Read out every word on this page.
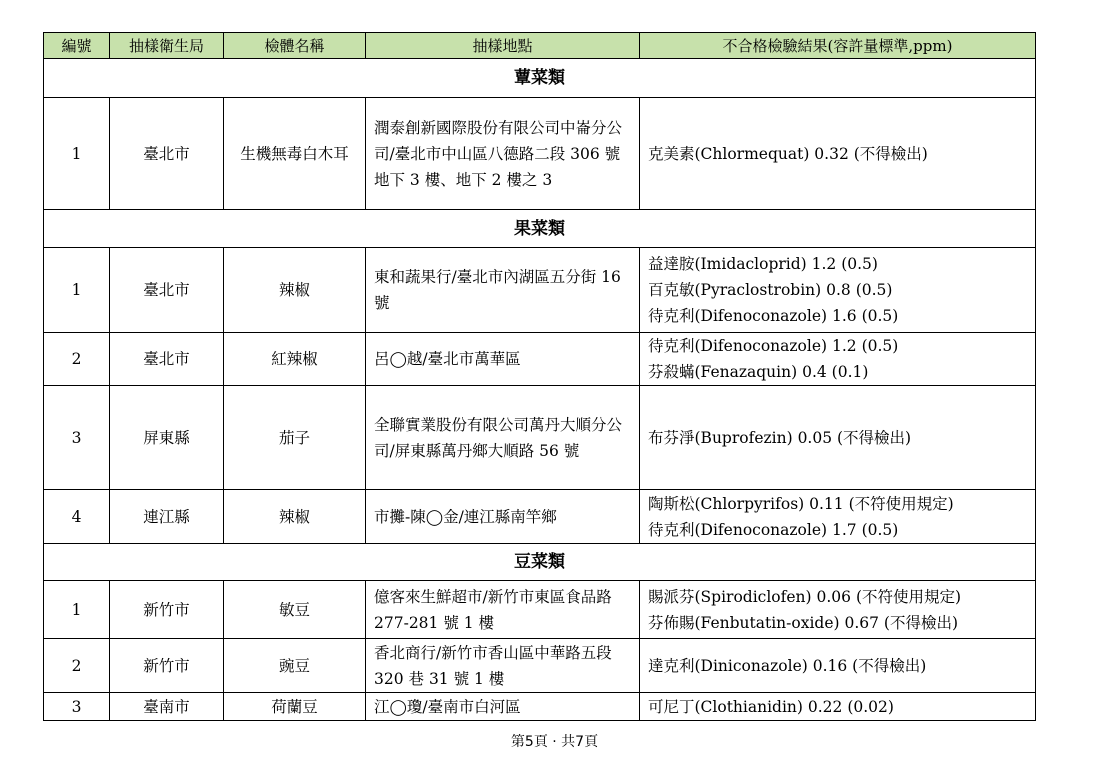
編號	抽樣衛生局	檢體名稱	抽樣地點	不合格檢驗結果(容許量標準,ppm)
蕈菜類				
1	臺北市	生機無毒白木耳	潤泰創新國際股份有限公司中崙分公司/臺北市中山區八德路二段 306 號地下 3 樓、地下 2 樓之 3	克美素(Chlormequat) 0.32 (不得檢出)

果菜類				
1	臺北市	辣椒	東和蔬果行/臺北市內湖區五分街 16 號	益達胺(Imidacloprid) 1.2 (0.5)
百克敏(Pyraclostrobin) 0.8 (0.5)
待克利(Difenoconazole) 1.6 (0.5)

2	臺北市	紅辣椒	呂◯越/臺北市萬華區	待克利(Difenoconazole) 1.2 (0.5)
芬殺蟎(Fenazaquin) 0.4 (0.1)

3	屏東縣	茄子	全聯實業股份有限公司萬丹大順分公司/屏東縣萬丹鄉大順路 56 號	布芬淨(Buprofezin) 0.05 (不得檢出)

4	連江縣	辣椒	市攤-陳◯金/連江縣南竿鄉	陶斯松(Chlorpyrifos) 0.11 (不符使用規定)
待克利(Difenoconazole) 1.7 (0.5)

豆菜類				
1	新竹市	敏豆	億客來生鮮超市/新竹市東區食品路 277-281 號 1 樓	賜派芬(Spirodiclofen) 0.06 (不符使用規定)
芬佈賜(Fenbutatin-oxide) 0.67 (不得檢出)

2	新竹市	豌豆	香北商行/新竹市香山區中華路五段 320 巷 31 號 1 樓	達克利(Diniconazole) 0.16 (不得檢出)

3	臺南市	荷蘭豆	江◯瓊/臺南市白河區	可尼丁(Clothianidin) 0.22 (0.02)
第5頁 · 共7頁
